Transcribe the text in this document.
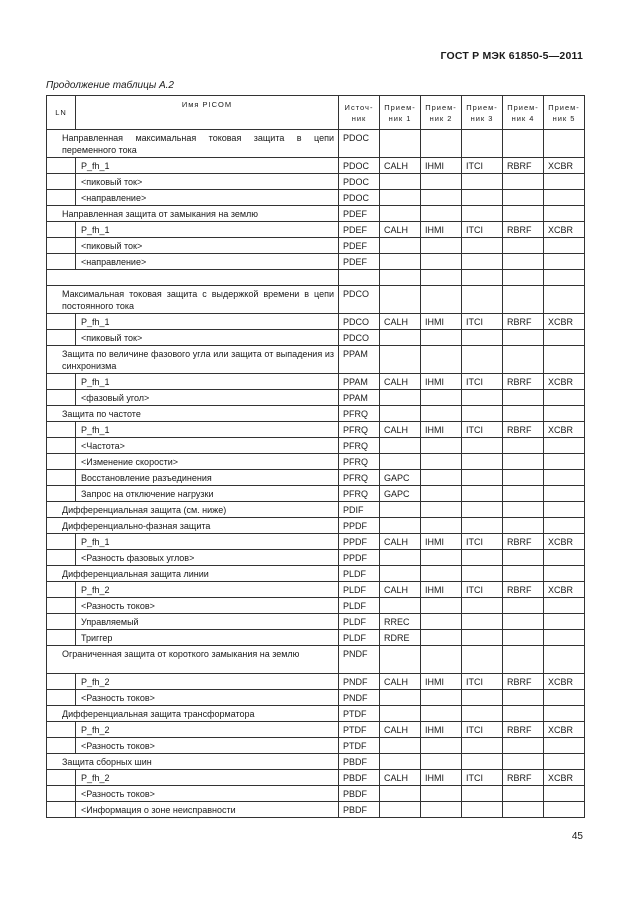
ГОСТ Р МЭК 61850-5—2011
Продолжение таблицы А.2
LN	Имя PICOM	Источ-ник	Прием-ник 1	Прием-ник 2	Прием-ник 3	Прием-ник 4	Прием-ник 5
Направленная максимальная токовая защита в цепи переменного тока		PDOC					
	P_fh_1	PDOC	CALH	IHMI	ITCI	RBRF	XCBR
	<пиковый ток>	PDOC					
	<направление>	PDOC					
Направленная защита от замыкания на землю		PDEF					
	P_fh_1	PDEF	CALH	IHMI	ITCI	RBRF	XCBR
	<пиковый ток>	PDEF					
	<направление>	PDEF					

Максимальная токовая защита с выдержкой времени в цепи постоянного тока		PDCO					
	P_fh_1	PDCO	CALH	IHMI	ITCI	RBRF	XCBR
	<пиковый ток>	PDCO					
Защита по величине фазового угла или защита от выпадения из синхронизма		PPAM					
	P_fh_1	PPAM	CALH	IHMI	ITCI	RBRF	XCBR
	<фазовый угол>	PPAM					
Защита по частоте		PFRQ					
	P_fh_1	PFRQ	CALH	IHMI	ITCI	RBRF	XCBR
	<Частота>	PFRQ					
	<Изменение скорости>	PFRQ					
	Восстановление разъединения	PFRQ	GAPC				
	Запрос на отключение нагрузки	PFRQ	GAPC				
Дифференциальная защита (см. ниже)		PDIF					
Дифференциально-фазная защита		PPDF					
	P_fh_1	PPDF	CALH	IHMI	ITCI	RBRF	XCBR
	<Разность фазовых углов>	PPDF					
Дифференциальная защита линии		PLDF					
	P_fh_2	PLDF	CALH	IHMI	ITCI	RBRF	XCBR
	<Разность токов>	PLDF					
	Управляемый	PLDF	RREC				
	Триггер	PLDF	RDRE				
Ограниченная защита от короткого замыкания на землю		PNDF					
	P_fh_2	PNDF	CALH	IHMI	ITCI	RBRF	XCBR
	<Разность токов>	PNDF					
Дифференциальная защита трансформатора		PTDF					
	P_fh_2	PTDF	CALH	IHMI	ITCI	RBRF	XCBR
	<Разность токов>	PTDF					
Защита сборных шин		PBDF					
	P_fh_2	PBDF	CALH	IHMI	ITCI	RBRF	XCBR
	<Разность токов>	PBDF					
	<Информация о зоне неисправности	PBDF					
45
